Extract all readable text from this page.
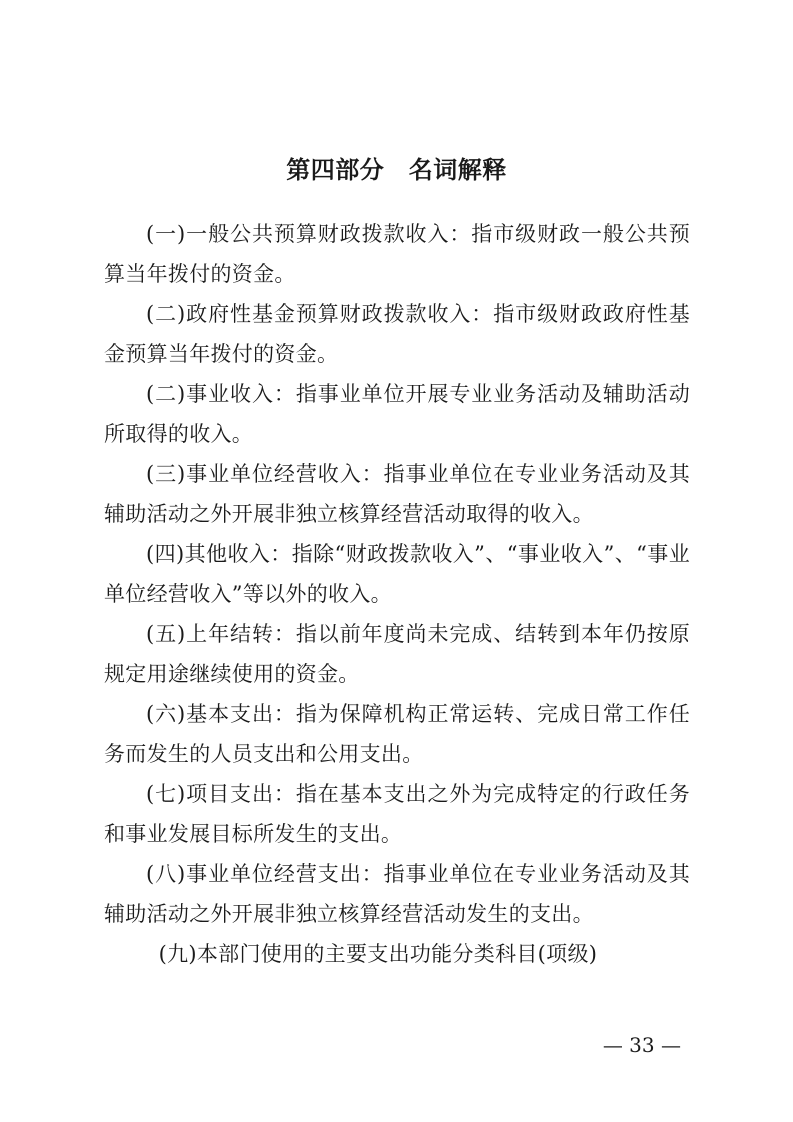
第四部分　名词解释

(一)一般公共预算财政拨款收入：指市级财政一般公共预算当年拨付的资金。

(二)政府性基金预算财政拨款收入：指市级财政政府性基金预算当年拨付的资金。

(二)事业收入：指事业单位开展专业业务活动及辅助活动所取得的收入。

(三)事业单位经营收入：指事业单位在专业业务活动及其辅助活动之外开展非独立核算经营活动取得的收入。

(四)其他收入：指除“财政拨款收入”、“事业收入”、“事业单位经营收入”等以外的收入。

(五)上年结转：指以前年度尚未完成、结转到本年仍按原规定用途继续使用的资金。

(六)基本支出：指为保障机构正常运转、完成日常工作任务而发生的人员支出和公用支出。

(七)项目支出：指在基本支出之外为完成特定的行政任务和事业发展目标所发生的支出。

(八)事业单位经营支出：指事业单位在专业业务活动及其辅助活动之外开展非独立核算经营活动发生的支出。

(九)本部门使用的主要支出功能分类科目(项级)

— 33 —
